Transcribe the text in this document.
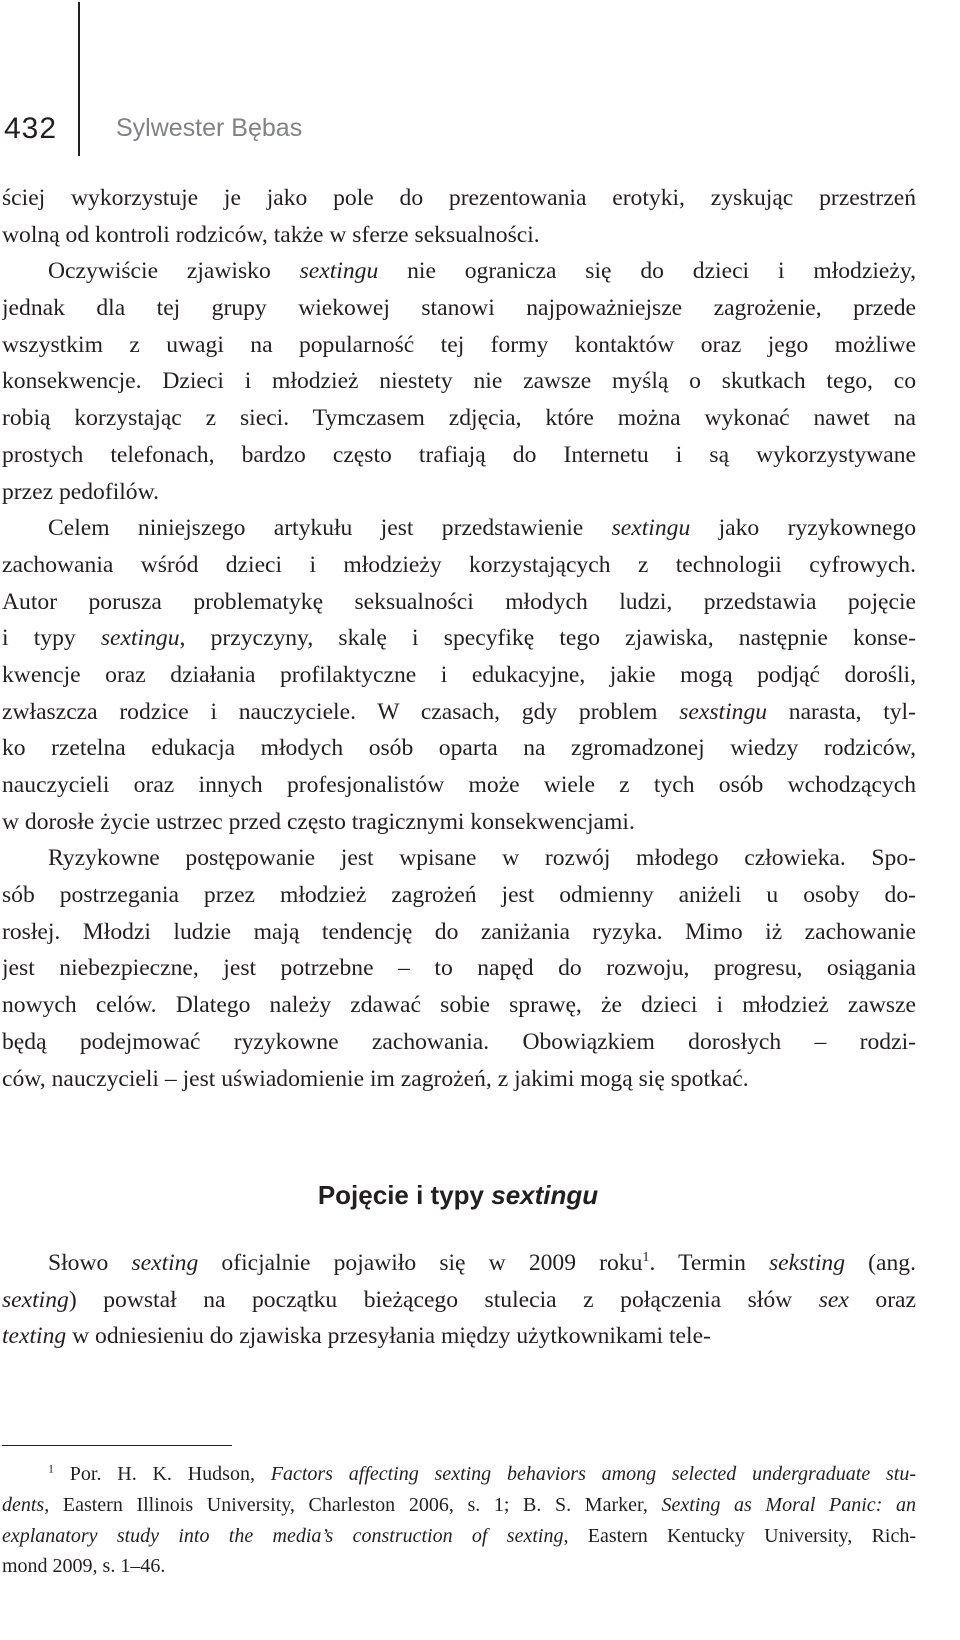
432 Sylwester Bębas
ściej wykorzystuje je jako pole do prezentowania erotyki, zyskując przestrzeń
wolną od kontroli rodziców, także w sferze seksualności.
Oczywiście zjawisko sextingu nie ogranicza się do dzieci i młodzieży,
jednak dla tej grupy wiekowej stanowi najpoważniejsze zagrożenie, przede
wszystkim z uwagi na popularność tej formy kontaktów oraz jego możliwe
konsekwencje. Dzieci i młodzież niestety nie zawsze myślą o skutkach tego, co
robią korzystając z sieci. Tymczasem zdjęcia, które można wykonać nawet na
prostych telefonach, bardzo często trafiają do Internetu i są wykorzystywane
przez pedofilów.
Celem niniejszego artykułu jest przedstawienie sextingu jako ryzykownego
zachowania wśród dzieci i młodzieży korzystających z technologii cyfrowych.
Autor porusza problematykę seksualności młodych ludzi, przedstawia pojęcie
i typy sextingu, przyczyny, skalę i specyfikę tego zjawiska, następnie konse-
kwencje oraz działania profilaktyczne i edukacyjne, jakie mogą podjąć dorośli,
zwłaszcza rodzice i nauczyciele. W czasach, gdy problem sexstingu narasta, tyl-
ko rzetelna edukacja młodych osób oparta na zgromadzonej wiedzy rodziców,
nauczycieli oraz innych profesjonalistów może wiele z tych osób wchodzących
w dorosłe życie ustrzec przed często tragicznymi konsekwencjami.
Ryzykowne postępowanie jest wpisane w rozwój młodego człowieka. Spo-
sób postrzegania przez młodzież zagrożeń jest odmienny aniżeli u osoby do-
rosłej. Młodzi ludzie mają tendencję do zaniżania ryzyka. Mimo iż zachowanie
jest niebezpieczne, jest potrzebne – to napęd do rozwoju, progresu, osiągania
nowych celów. Dlatego należy zdawać sobie sprawę, że dzieci i młodzież zawsze
będą podejmować ryzykowne zachowania. Obowiązkiem dorosłych – rodzi-
ców, nauczycieli – jest uświadomienie im zagrożeń, z jakimi mogą się spotkać.
Pojęcie i typy sextingu
Słowo sexting oficjalnie pojawiło się w 2009 roku$^1$. Termin seksting (ang.
sexting) powstał na początku bieżącego stulecia z połączenia słów sex oraz
texting w odniesieniu do zjawiska przesyłania między użytkownikami tele-
$^1$ Por. H. K. Hudson, Factors affecting sexting behaviors among selected undergraduate stu-
dents, Eastern Illinois University, Charleston 2006, s. 1; B. S. Marker, Sexting as Moral Panic: an
explanatory study into the media’s construction of sexting, Eastern Kentucky University, Rich-
mond 2009, s. 1–46.
